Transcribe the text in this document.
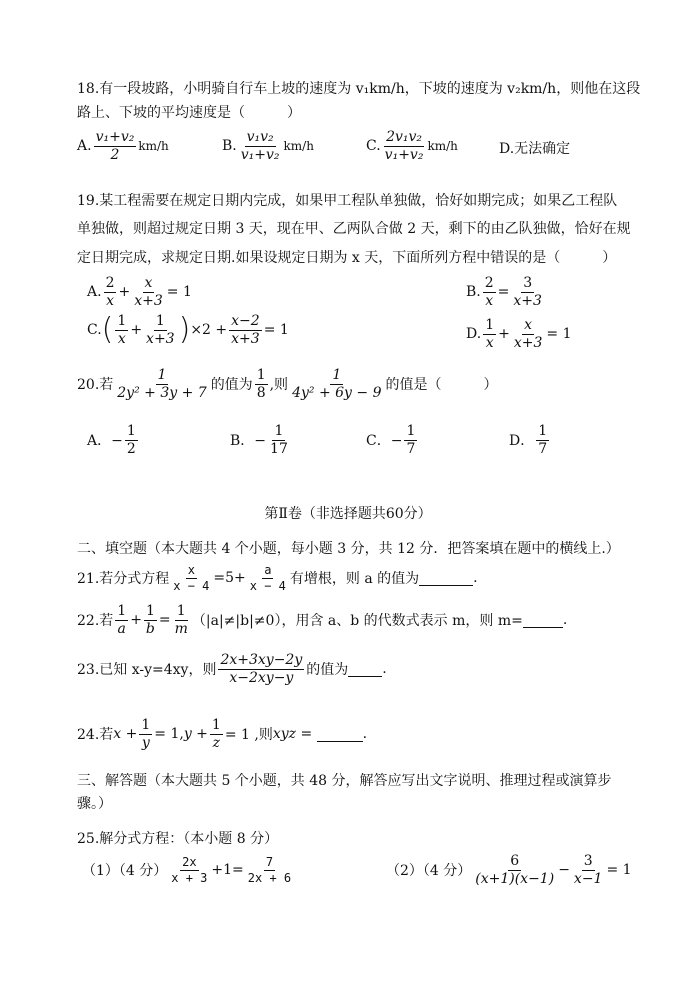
18.有一段坡路，小明骑自行车上坡的速度为 v₁km/h，下坡的速度为 v₂km/h，则他在这段
路上、下坡的平均速度是（　　　）
A. $\frac{\text{v₁+v₂}}{2} km/h$	B. $\frac{\text{v₁v₂}}{\text{v₁+v₂}} km/h$	C. $\frac{\text{2v₁v₂}}{\text{v₁+v₂}} km/h$	D.无法确定
19.某工程需要在规定日期内完成，如果甲工程队单独做，恰好如期完成；如果乙工程队
单独做，则超过规定日期 3 天，现在甲、乙两队合做 2 天，剩下的由乙队独做，恰好在规
定日期完成，求规定日期.如果设规定日期为 x 天，下面所列方程中错误的是（　　　）
A. $\frac{2}{x} + \frac{x}{x+3} = 1$	B. $\frac{2}{x} = \frac{3}{x+3}$
C. ( $\frac{1}{x} + \frac{1}{x+3}$ ) $\times 2 + \frac{x-2}{x+3} = 1$	D. $\frac{1}{x} + \frac{x}{x+3} = 1$
20.若 $\frac{1}{\text{2y² + 3y + 7}}$ 的值为 $\frac{1}{8}$ ,则 $\frac{1}{\text{4y² + 6y − 9}}$ 的值是（　　　）
A．− $\frac{1}{2}$	B．− $\frac{1}{17}$	C．− $\frac{1}{7}$	D． $\frac{1}{7}$
第Ⅱ卷（非选择题共60分）
二、填空题（本大题共 4 个小题，每小题 3 分，共 12 分．把答案填在题中的横线上.）
21.若分式方程 $\frac{x}{x - 4} =5+ \frac{a}{x - 4}$ 有增根，则 a 的值为	.
22.若 $\frac{1}{a} + \frac{1}{b} = \frac{1}{m} (|a|\ne|b|\ne 0)$，用含 a、b 的代数式表示 m，则 m=	.
23.已知 x-y=4xy，则 $\frac{2x+3xy-2y}{x-2xy-y}$ 的值为 .
24.若 $x + \frac{1}{y} = 1$, $y + \frac{1}{z} = 1$ ,则 xyz =	.
三、解答题（本大题共 5 个小题，共 48 分，解答应写出文字说明、推理过程或演算步
骤。）
25.解分式方程：（本小题 8 分）
（1）（4 分） $\frac{2x}{x + 3} +1= \frac{7}{2x + 6}$	（2）（4 分） $\frac{6}{(x+1)(x-1)} - \frac{3}{x-1} = 1$
